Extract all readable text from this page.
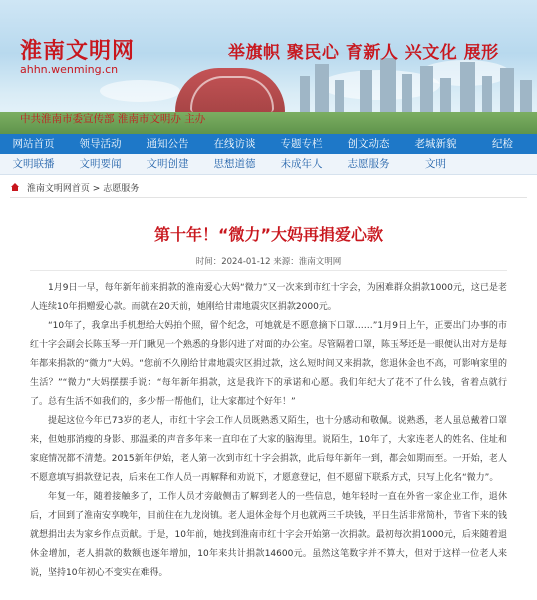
淮南文明网
ahhn.wenming.cn
举旗帜 聚民心 育新人 兴文化 展形
中共淮南市委宣传部 淮南市文明办 主办
网站首页	领导活动	通知公告	在线访谈	专题专栏	创文动态	老城新貌	纪检
文明联播	文明要闻	文明创建	思想道德	未成年人	志愿服务	文明
淮南文明网首页 > 志愿服务
第十年！“微力”大妈再捐爱心款
时间：2024-01-12 来源：淮南文明网

1月9日一早，每年新年前来捐款的淮南爱心大妈“微力”又一次来到市红十字会，为困难群众捐款1000元，这已是老人连续10年捐赠爱心款。而就在20天前，她刚给甘肃地震灾区捐款2000元。

“10年了，我拿出手机想给大妈拍个照，留个纪念，可她就是不愿意摘下口罩……”1月9日上午，正要出门办事的市红十字会副会长陈玉琴一开门瞅见一个熟悉的身影闪进了对面的办公室。尽管隔着口罩，陈玉琴还是一眼便认出对方是每年都来捐款的“微力”大妈。“您前不久刚给甘肃地震灾区捐过款，这么短时间又来捐款，您退休金也不高，可影响家里的生活？”“微力”大妈摆摆手说：“每年新年捐款，这是我许下的承诺和心愿。我们年纪大了花不了什么钱，省着点就行了。总有生活不如我们的，多少帮一帮他们，让大家都过个好年！”

提起这位今年已73岁的老人，市红十字会工作人员既熟悉又陌生，也十分感动和敬佩。说熟悉，老人虽总戴着口罩来，但她那消瘦的身影、那温柔的声音多年来一直印在了大家的脑海里。说陌生，10年了，大家连老人的姓名、住址和家庭情况都不清楚。2015新年伊始，老人第一次到市红十字会捐款，此后每年新年一到，都会如期而至。一开始，老人不愿意填写捐款登记表，后来在工作人员一再解释和劝说下，才愿意登记，但不愿留下联系方式，只写上化名“微力”。

年复一年，随着接触多了，工作人员才旁敲侧击了解到老人的一些信息，她年轻时一直在外省一家企业工作，退休后，才回到了淮南安享晚年，目前住在九龙岗镇。老人退休金每个月也就两三千块钱，平日生活非常简朴，节省下来的钱就想捐出去为家乡作点贡献。于是，10年前，她找到淮南市红十字会开始第一次捐款。最初每次捐1000元，后来随着退休金增加，老人捐款的数额也逐年增加，10年来共计捐款14600元。虽然这笔数字并不算大，但对于这样一位老人来说，坚持10年初心不变实在难得。
